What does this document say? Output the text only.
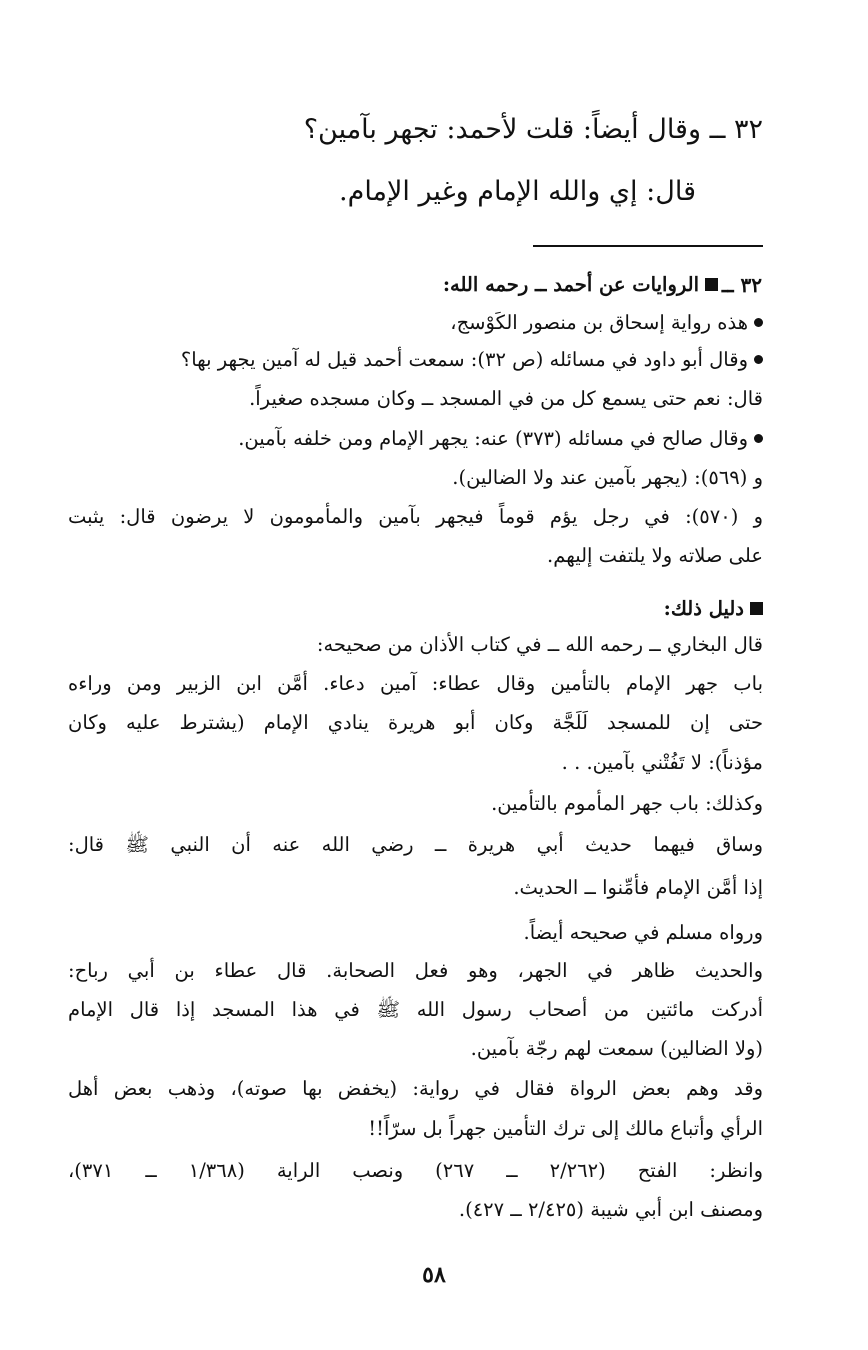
٣٢ ــ وقال أيضاً: قلت لأحمد: تجهر بآمين؟
قال: إي والله الإمام وغير الإمام.
الروايات عن أحمد ــ رحمه الله:	٣٢ ــ
هذه رواية إسحاق بن منصور الكَوْسج،
وقال أبو داود في مسائله (ص ٣٢): سمعت أحمد قيل له آمين يجهر بها؟
قال: نعم حتى يسمع كل من في المسجد ــ وكان مسجده صغيراً.
وقال صالح في مسائله (٣٧٣) عنه: يجهر الإمام ومن خلفه بآمين.
و (٥٦٩): (يجهر بآمين عند ولا الضالين).
و (٥٧٠): في رجل يؤم قوماً فيجهر بآمين والمأمومون لا يرضون قال: يثبت
على صلاته ولا يلتفت إليهم.
دليل ذلك:
قال البخاري ــ رحمه الله ــ في كتاب الأذان من صحيحه:
باب جهر الإمام بالتأمين وقال عطاء: آمين دعاء. أمَّن ابن الزبير ومن وراءه
حتى إن للمسجد لَلَجَّة وكان أبو هريرة ينادي الإمام (يشترط عليه وكان
مؤذناً): لا تَفُتْني بآمين. . .
وكذلك: باب جهر المأموم بالتأمين.
وساق فيهما حديث أبي هريرة ــ رضي الله عنه أن النبي ﷺ قال:
إذا أمَّن الإمام فأمِّنوا ــ الحديث.
ورواه مسلم في صحيحه أيضاً.
والحديث ظاهر في الجهر، وهو فعل الصحابة. قال عطاء بن أبي رباح:
أدركت مائتين من أصحاب رسول الله ﷺ في هذا المسجد إذا قال الإمام
(ولا الضالين) سمعت لهم رجّة بآمين.
وقد وهم بعض الرواة فقال في رواية: (يخفض بها صوته)، وذهب بعض أهل
الرأي وأتباع مالك إلى ترك التأمين جهراً بل سرّاً!!
وانظر: الفتح (٢/٢٦٢ ــ ٢٦٧) ونصب الراية (١/٣٦٨ ــ ٣٧١)،
ومصنف ابن أبي شيبة (٢/٤٢٥ ــ ٤٢٧).
٥٨
